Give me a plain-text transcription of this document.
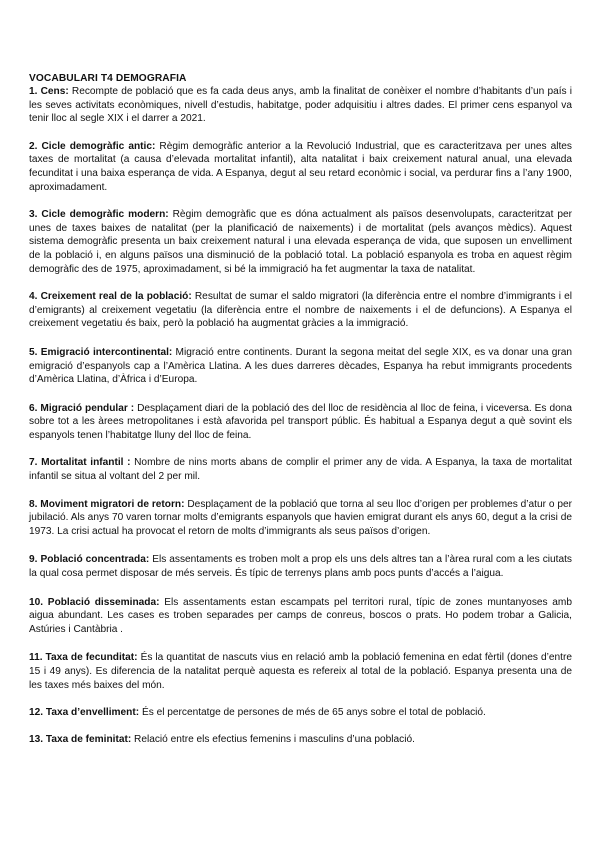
VOCABULARI T4 DEMOGRAFIA

1. Cens: Recompte de població que es fa cada deus anys, amb la finalitat de conèixer el nombre d’habitants d’un país i les seves activitats econòmiques, nivell d’estudis, habitatge, poder adquisitiu i altres dades. El primer cens espanyol va tenir lloc al segle XIX i el darrer a 2021.

2. Cicle demogràfic antic: Règim demogràfic anterior a la Revolució Industrial, que es caracteritzava per unes altes taxes de mortalitat (a causa d’elevada mortalitat infantil), alta natalitat i baix creixement natural anual, una elevada fecunditat i una baixa esperança de vida. A Espanya, degut al seu retard econòmic i social, va perdurar fins a l’any 1900, aproximadament.

3. Cicle demogràfic modern: Règim demogràfic que es dóna actualment als països desenvolupats, caracteritzat per unes de taxes baixes de natalitat (per la planificació de naixements) i de mortalitat (pels avanços mèdics). Aquest sistema demogràfic presenta un baix creixement natural i una elevada esperança de vida, que suposen un envelliment de la població i, en alguns països una disminució de la població total. La població espanyola es troba en aquest règim demogràfic des de 1975, aproximadament, si bé la immigració ha fet augmentar la taxa de natalitat.

4. Creixement real de la població: Resultat de sumar el saldo migratori (la diferència entre el nombre d’immigrants i el d’emigrants) al creixement vegetatiu (la diferència entre el nombre de naixements i el de defuncions). A Espanya el creixement vegetatiu és baix, però la població ha augmentat gràcies a la immigració.

5. Emigració intercontinental: Migració entre continents. Durant la segona meitat del segle XIX, es va donar una gran emigració d’espanyols cap a l’Amèrica Llatina. A les dues darreres dècades, Espanya ha rebut immigrants procedents d’Amèrica Llatina, d’Àfrica i d’Europa.

6. Migració pendular : Desplaçament diari de la població des del lloc de residència al lloc de feina, i viceversa. Es dona sobre tot a les àrees metropolitanes i està afavorida pel transport públic. És habitual a Espanya degut a què sovint els espanyols tenen l’habitatge lluny del lloc de feina.

7. Mortalitat infantil : Nombre de nins morts abans de complir el primer any de vida. A Espanya, la taxa de mortalitat infantil se situa al voltant del 2 per mil.

8. Moviment migratori de retorn: Desplaçament de la població que torna al seu lloc d’origen per problemes d’atur o per jubilació. Als anys 70 varen tornar molts d’emigrants espanyols que havien emigrat durant els anys 60, degut a la crisi de 1973. La crisi actual ha provocat el retorn de molts d’immigrants als seus països d’origen.

9. Població concentrada: Els assentaments es troben molt a prop els uns dels altres tan a l’àrea rural com a les ciutats la qual cosa permet disposar de més serveis. És típic de terrenys plans amb pocs punts d’accés a l’aigua.

10. Població disseminada: Els assentaments estan escampats pel territori rural, típic de zones muntanyoses amb aigua abundant. Les cases es troben separades per camps de conreus, boscos o prats. Ho podem trobar a Galicia, Astúries i Cantàbria .

11. Taxa de fecunditat: És la quantitat de nascuts vius en relació amb la població femenina en edat fèrtil (dones d’entre 15 i 49 anys). Es diferencia de la natalitat perquè aquesta es refereix al total de la població. Espanya presenta una de les taxes més baixes del món.

12. Taxa d’envelliment: És el percentatge de persones de més de 65 anys sobre el total de població.

13. Taxa de feminitat: Relació entre els efectius femenins i masculins d’una població.
